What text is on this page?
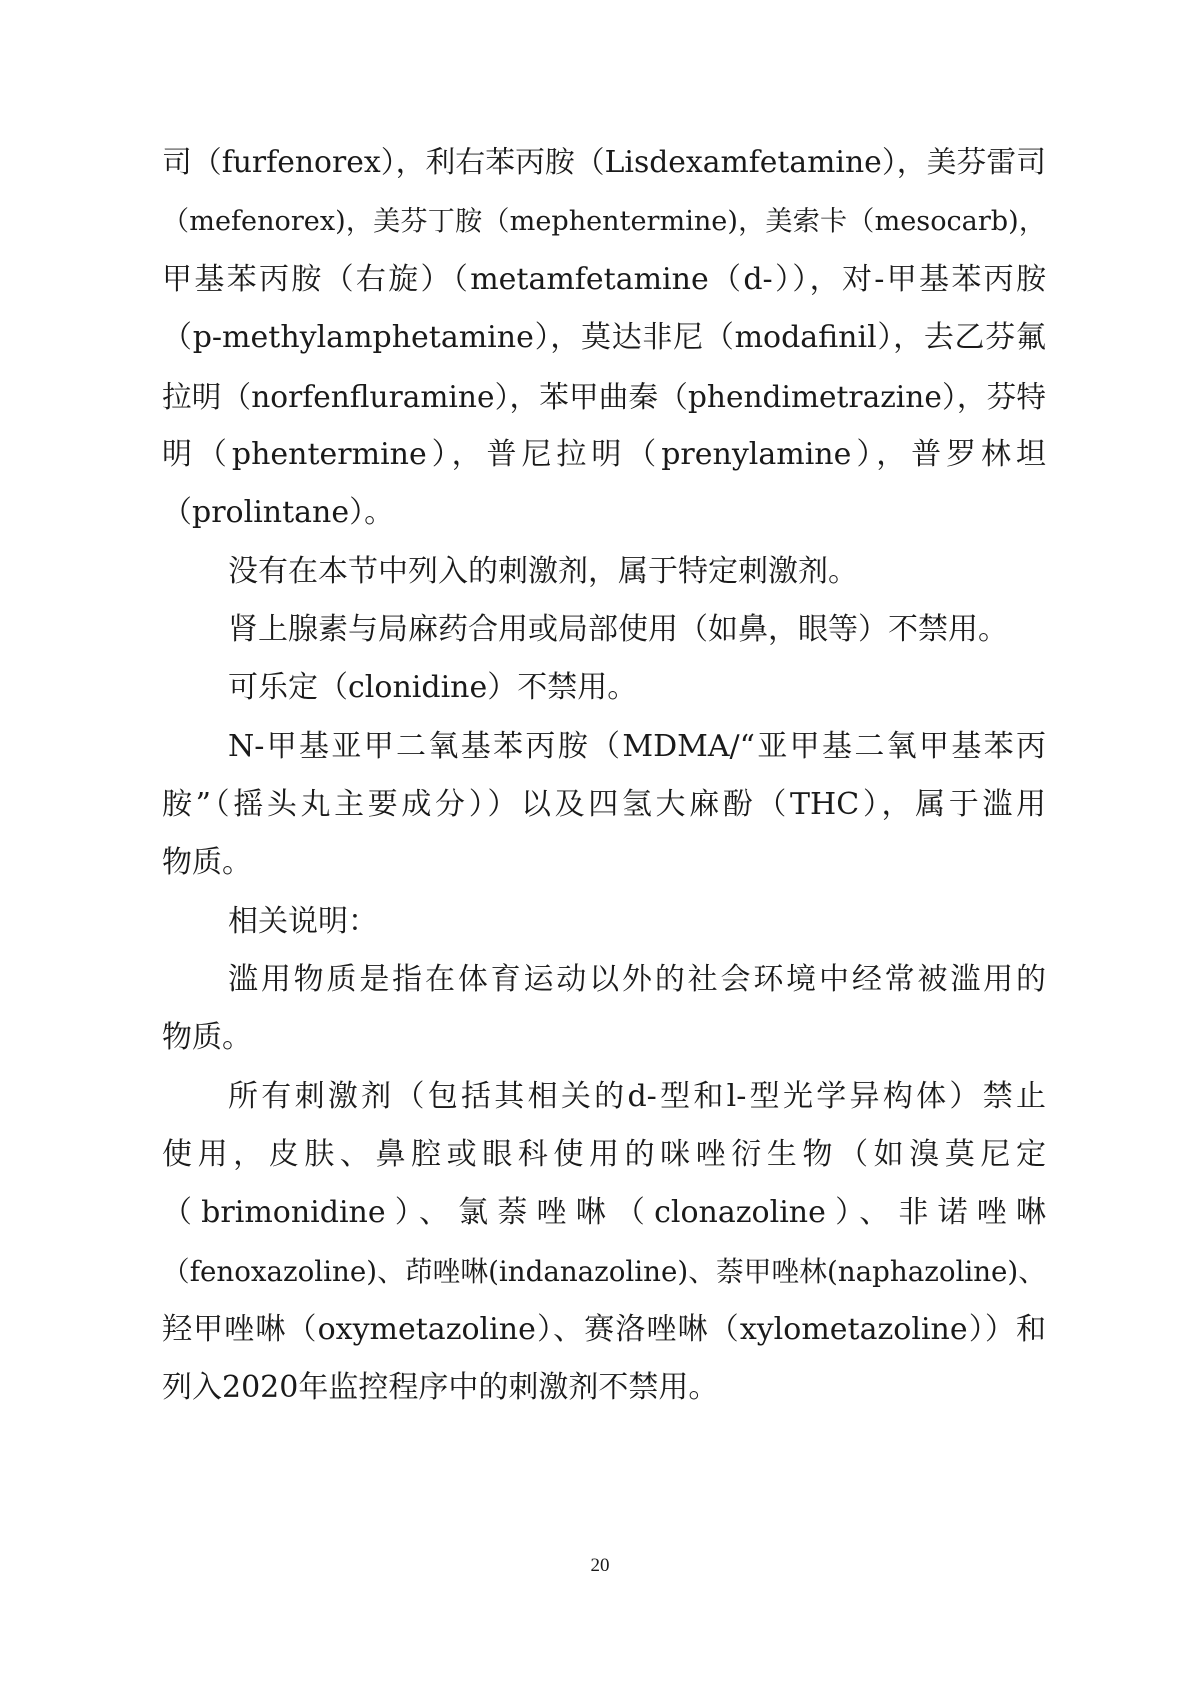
司（furfenorex），利右苯丙胺（Lisdexamfetamine），美芬雷司
（mefenorex)，美芬丁胺（mephentermine)，美索卡（mesocarb)，
甲基苯丙胺（右旋）（metamfetamine（d-）），对-甲基苯丙胺
（p-methylamphetamine），莫达非尼（modafinil），去乙芬氟
拉明（norfenfluramine），苯甲曲秦（phendimetrazine），芬特
明（phentermine），普尼拉明（prenylamine），普罗林坦
（prolintane）。
没有在本节中列入的刺激剂，属于特定刺激剂。
肾上腺素与局麻药合用或局部使用（如鼻，眼等）不禁用。
可乐定（clonidine）不禁用。
N-甲基亚甲二氧基苯丙胺（MDMA/“亚甲基二氧甲基苯丙
胺”（摇头丸主要成分））以及四氢大麻酚（THC），属于滥用
物质。
相关说明：
滥用物质是指在体育运动以外的社会环境中经常被滥用的
物质。
所有刺激剂（包括其相关的d-型和l-型光学异构体）禁止
使用，皮肤、鼻腔或眼科使用的咪唑衍生物（如溴莫尼定
（brimonidine）、氯萘唑啉（clonazoline）、非诺唑啉
（fenoxazoline)、茚唑啉(indanazoline)、萘甲唑林(naphazoline)、
羟甲唑啉（oxymetazoline）、赛洛唑啉（xylometazoline））和
列入2020年监控程序中的刺激剂不禁用。
20
